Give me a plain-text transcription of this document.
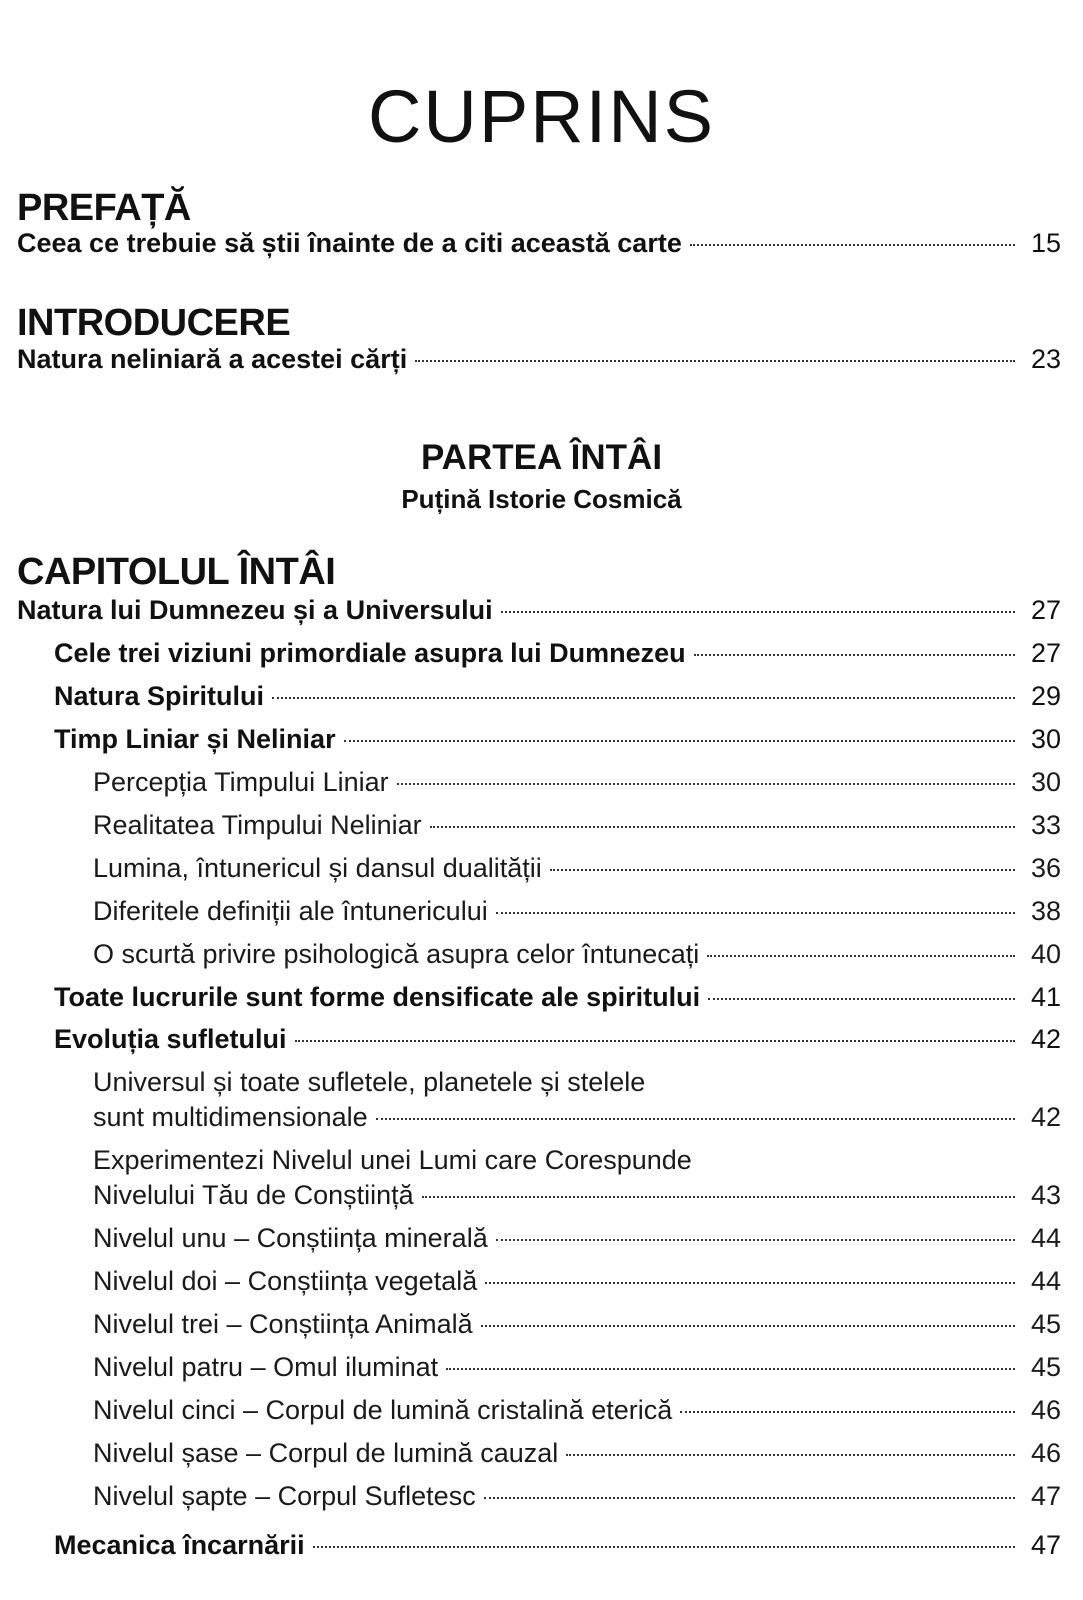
CUPRINS
PREFAȚĂ
Ceea ce trebuie să știi înainte de a citi această carte	15
INTRODUCERE
Natura neliniară a acestei cărți	23
PARTEA ÎNTÂI
Puțină Istorie Cosmică
CAPITOLUL ÎNTÂI
Natura lui Dumnezeu și a Universului	27
Cele trei viziuni primordiale asupra lui Dumnezeu	27
Natura Spiritului	29
Timp Liniar și Neliniar	30
Percepția Timpului Liniar	30
Realitatea Timpului Neliniar	33
Lumina, întunericul și dansul dualității	36
Diferitele definiții ale întunericului	38
O scurtă privire psihologică asupra celor întunecați	40
Toate lucrurile sunt forme densificate ale spiritului	41
Evoluția sufletului	42
Universul și toate sufletele, planetele și stelele
sunt multidimensionale	42
Experimentezi Nivelul unei Lumi care Corespunde
Nivelului Tău de Conștiință	43
Nivelul unu – Conștiința minerală	44
Nivelul doi – Conștiința vegetală	44
Nivelul trei – Conștiința Animală	45
Nivelul patru – Omul iluminat	45
Nivelul cinci – Corpul de lumină cristalină eterică	46
Nivelul șase – Corpul de lumină cauzal	46
Nivelul șapte – Corpul Sufletesc	47
Mecanica încarnării	47
